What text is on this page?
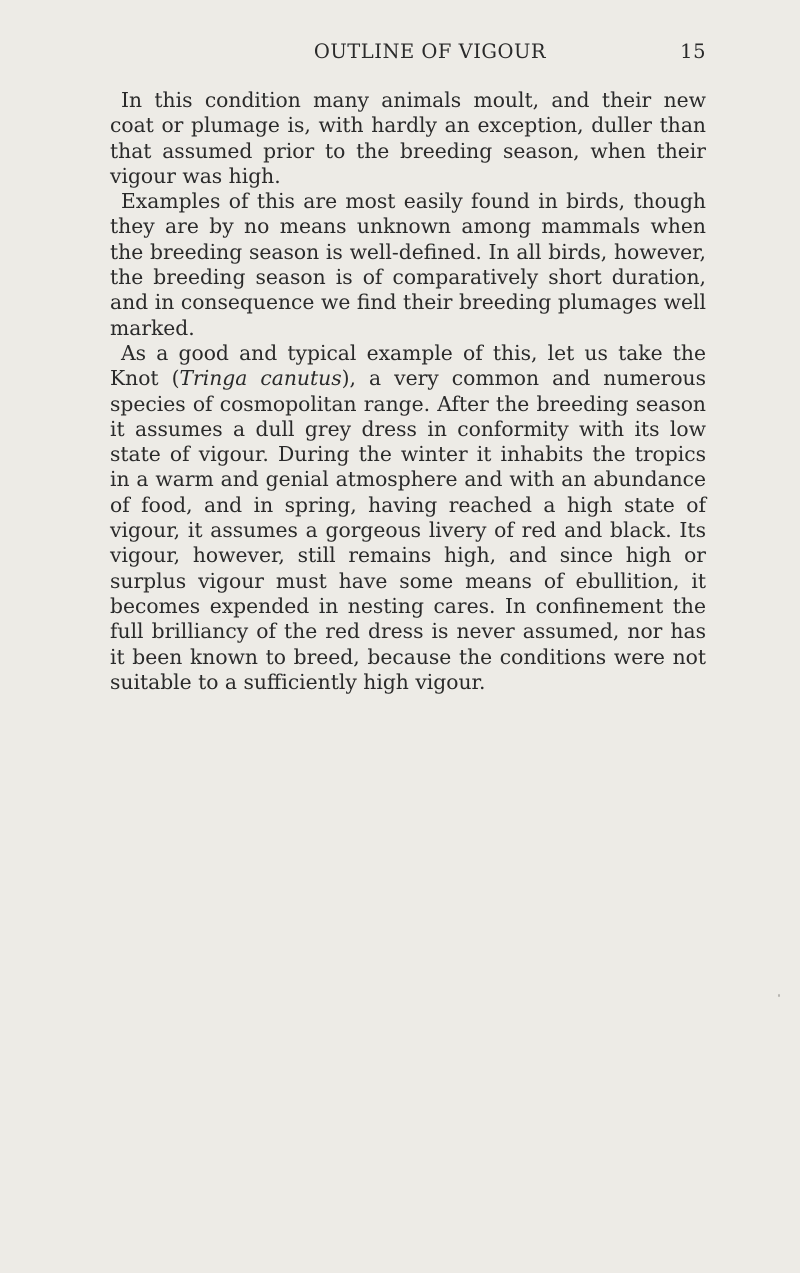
OUTLINE OF VIGOUR	15

In this condition many animals moult, and their new coat or plumage is, with hardly an exception, duller than that assumed prior to the breeding season, when their vigour was high.

Examples of this are most easily found in birds, though they are by no means unknown among mammals when the breeding season is well-defined. In all birds, however, the breeding season is of comparatively short duration, and in consequence we find their breeding plumages well marked.

As a good and typical example of this, let us take the Knot (Tringa canutus), a very common and numerous species of cosmopolitan range. After the breeding season it assumes a dull grey dress in conformity with its low state of vigour. During the winter it inhabits the tropics in a warm and genial atmosphere and with an abundance of food, and in spring, having reached a high state of vigour, it assumes a gorgeous livery of red and black. Its vigour, however, still remains high, and since high or surplus vigour must have some means of ebullition, it becomes expended in nesting cares. In confinement the full brilliancy of the red dress is never assumed, nor has it been known to breed, because the conditions were not suitable to a sufficiently high vigour.
